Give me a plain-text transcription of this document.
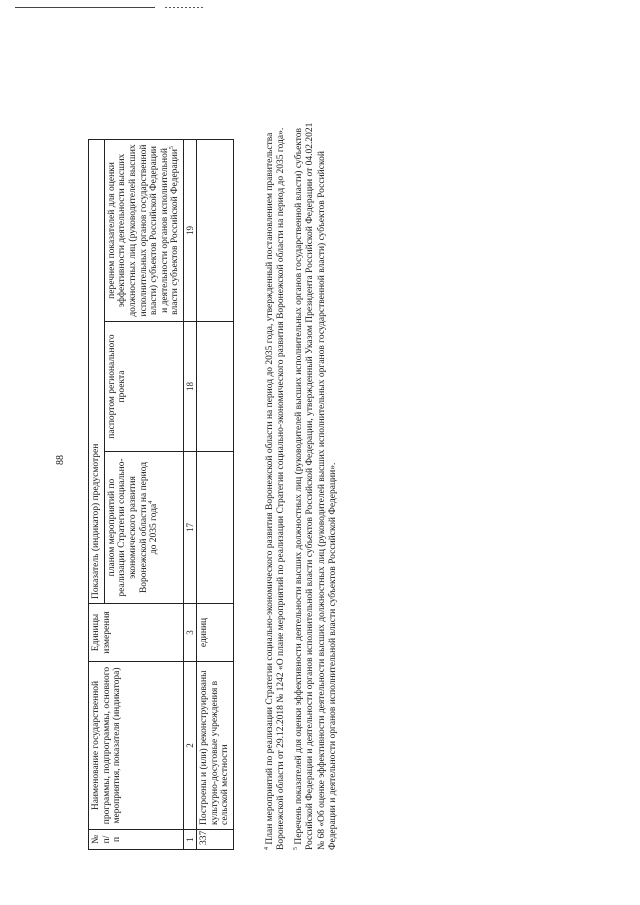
88
№ п/п	Наименование государственной программы, подпрограммы, основного мероприятия, показателя (индикатора)	Единицы измерения	Показатель (индикатор) предусмотрен		
			планом мероприятий по реализации Стратегии социально-экономического развития Воронежской области на период до 2035 года$^4$	паспортом регионального проекта	перечнем показателей для оценки эффективности деятельности высших должностных лиц (руководителей высших исполнительных органов государственной власти) субъектов Российской Федерации и деятельности органов исполнительной власти субъектов Российской Федерации$^5$
1	2	3	17	18	19
337	Построены и (или) реконструированы культурно-досуговые учреждения в сельской местности	единиц			

$^4$ План мероприятий по реализации Стратегии социально-экономического развития Воронежской области на период до 2035 года, утвержденный постановлением правительства Воронежской области от 29.12.2018 № 1242 «О плане мероприятий по реализации Стратегии социально-экономического развития Воронежской области на период до 2035 года». $^5$ Перечень показателей для оценки эффективности деятельности высших должностных лиц (руководителей высших исполнительных органов государственной власти) субъектов Российской Федерации и деятельности органов исполнительной власти субъектов Российской Федерации, утвержденный Указом Президента Российской Федерации от 04.02.2021 № 68 «Об оценке эффективности деятельности высших должностных лиц (руководителей высших исполнительных органов государственной власти) субъектов Российской Федерации и деятельности органов исполнительной власти субъектов Российской Федерации».
